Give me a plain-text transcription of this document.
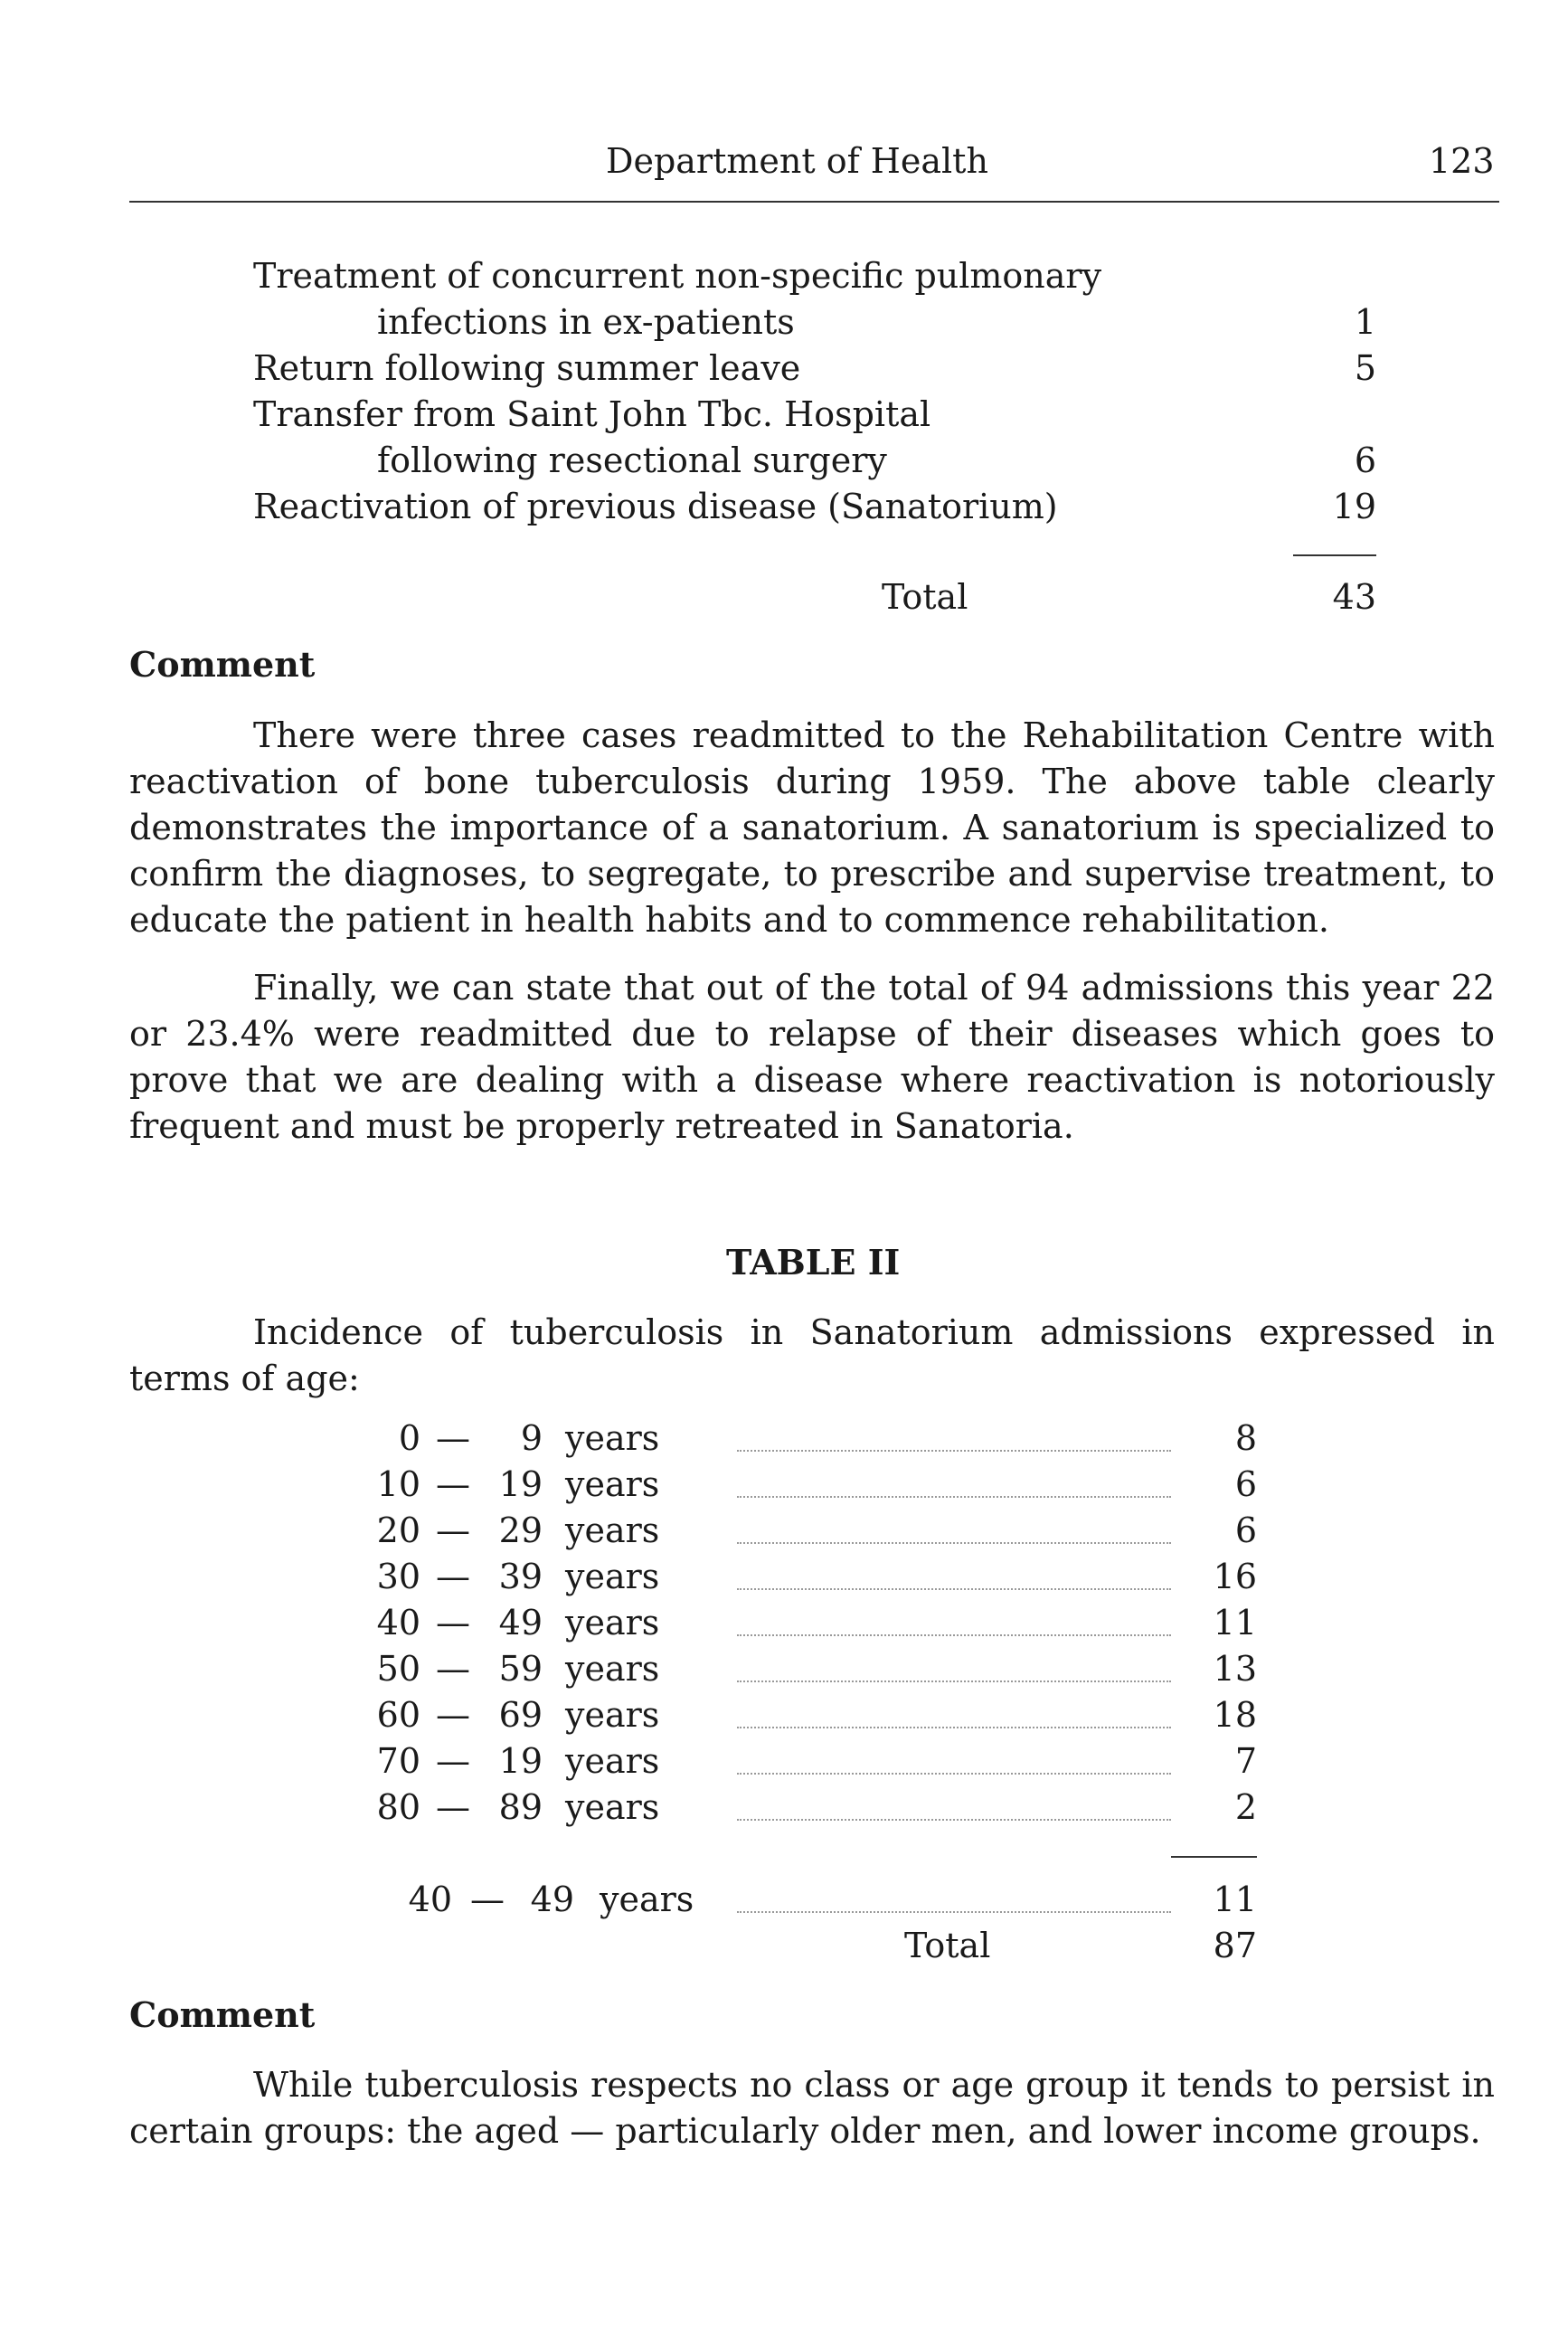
Department of Health	123
Treatment of concurrent non-specific pulmonary
infections in ex-patients	1
Return following summer leave	5
Transfer from Saint John Tbc. Hospital
following resectional surgery	6
Reactivation of previous disease (Sanatorium)	19
Total	43
Comment

There were three cases readmitted to the Rehabilitation Centre with reactivation of bone tuberculosis during 1959. The above table clearly demonstrates the importance of a sanatorium. A sanatorium is specialized to confirm the diagnoses, to segregate, to prescribe and supervise treatment, to educate the patient in health habits and to commence rehabilitation.

Finally, we can state that out of the total of 94 admissions this year 22 or 23.4% were readmitted due to relapse of their diseases which goes to prove that we are dealing with a disease where reactivation is notoriously frequent and must be properly retreated in Sanatoria.

TABLE II

Incidence of tuberculosis in Sanatorium admissions expressed in terms of age:

0 —	9 years	8
10 — 19 years	6
20 — 29 years	6
30 — 39 years	16
40 — 49 years	11
50 — 59 years	13
60 — 69 years	18
70 — 19 years	7
80 — 89 years	2
40 — 49 years	11
Total	87
Comment

While tuberculosis respects no class or age group it tends to persist in certain groups: the aged — particularly older men, and lower income groups.
